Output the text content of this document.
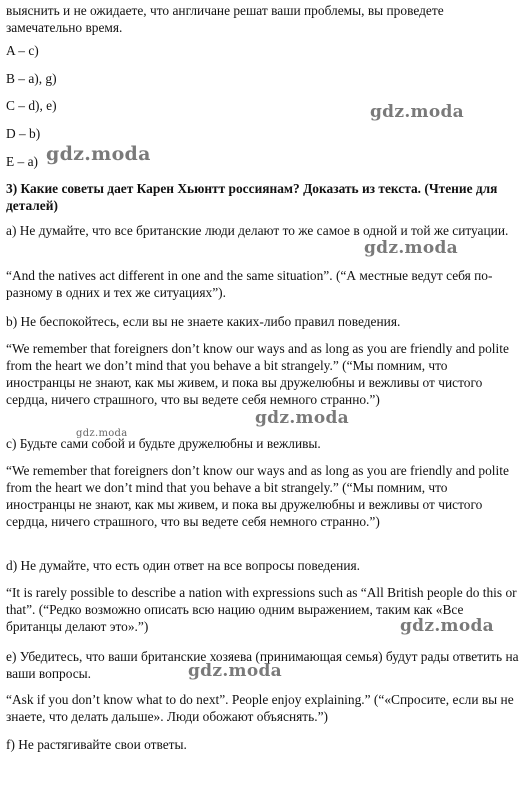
выяснить и не ожидаете, что англичане решат ваши проблемы, вы проведете замечательно время.

A – c)

B – a), g)

C – d), e)

D – b)

E – a)

3) Какие советы дает Карен Хьюнтт россиянам? Доказать из текста. (Чтение для деталей)

a) Не думайте, что все британские люди делают то же самое в одной и той же ситуации.

“And the natives act different in one and the same situation”. (“А местные ведут себя по-разному в одних и тех же ситуациях”).

b) Не беспокойтесь, если вы не знаете каких-либо правил поведения.

“We remember that foreigners don’t know our ways and as long as you are friendly and polite from the heart we don’t mind that you behave a bit strangely.” (“Мы помним, что иностранцы не знают, как мы живем, и пока вы дружелюбны и вежливы от чистого сердца, ничего страшного, что вы ведете себя немного странно.”)

c) Будьте сами собой и будьте дружелюбны и вежливы.

“We remember that foreigners don’t know our ways and as long as you are friendly and polite from the heart we don’t mind that you behave a bit strangely.” (“Мы помним, что иностранцы не знают, как мы живем, и пока вы дружелюбны и вежливы от чистого сердца, ничего страшного, что вы ведете себя немного странно.”)

d) Не думайте, что есть один ответ на все вопросы поведения.

“It is rarely possible to describe a nation with expressions such as “All British people do this or that”. (“Редко возможно описать всю нацию одним выражением, таким как «Все британцы делают это».”)

e) Убедитесь, что ваши британские хозяева (принимающая семья) будут рады ответить на ваши вопросы.

“Ask if you don’t know what to do next”. People enjoy explaining.” (“«Спросите, если вы не знаете, что делать дальше». Люди обожают объяснять.”)

f) Не растягивайте свои ответы.

gdz.moda
gdz.moda
gdz.moda
gdz.moda
gdz.moda
gdz.moda
gdz.moda
